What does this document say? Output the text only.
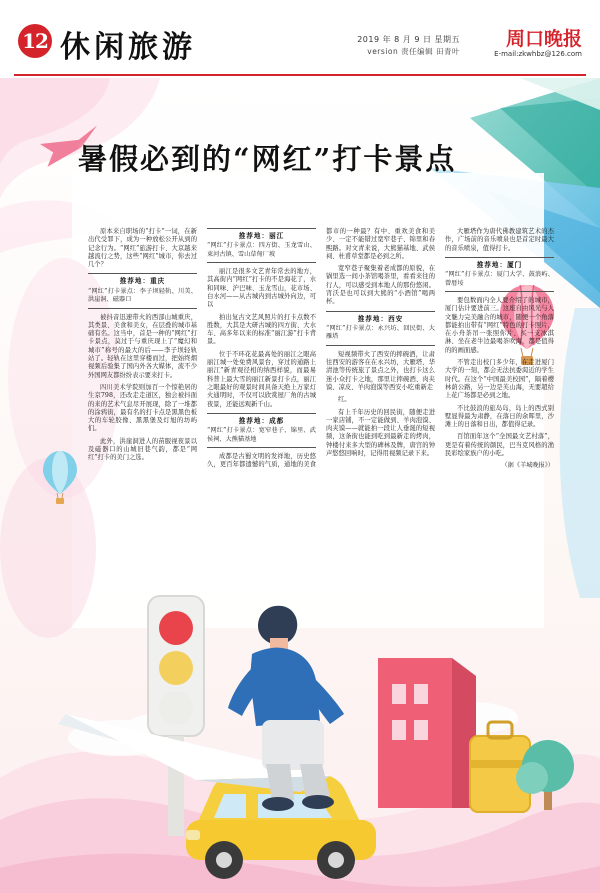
12 休闲旅游	2019 年 8 月 9 日 星期五
version 责任编辑 田青叶
周口晚报
E-mail:zkwhbz@126.com
暑假必到的“网红”打卡景点

原本来自职场的“打卡”一词，在新出代受罪下，成为一种放松公开从到的记念行为。“网红”旅游打卡、大京越来越流行之势，这些“网红”城市，你去过几个？

推荐地：重庆
“网红”打卡景点：李子坝轻轨、川美、洪崖洞、磁器口

被抖音迅速带火的西部山城重庆，其类景、美食和美女，在层叠的城市基础有名。这当中，首是一种的“网红”打卡景点，莫过于与重庆现上了“魔幻和城市”称号的最大的后——李子坝轻轨站了。轻轨在这里穿楼而过，把始终烟视频后验集了国内外各大媒体，流不少外国网友都纷纷表示要来打卡。

四川美术学院则加百一个惊艳居的生京798，还改走走道区，独会被抖面的来的艺术气息尽开展现，除了一堆都的涂鸦街，最有名的打卡点是黑黑色板大的车轮胶像、黑黑堡及灯旭的坊屿们。

此外，洪崖洞进人的苗服视夜景以及磁器口的山城旧巷气韵，都是“网红”打卡的美门之选。

推荐地：丽江
“网红”打卡景点：四方街、玉龙雪山、束河古镇、雪山草甸厂坡

丽江是很多文艺青年常去的地方，其高街内“网红”打卡的不是海花了，水和同味、沪巴味、玉龙雪山，花市场、白水河——从古城内到古城外向边，可以

拍出复古文艺风照片的打卡点数不胜数，大其是大研古城的四方街、大水车、高多年以来的标准“丽江游”打卡背景。

位于不环花花最高处的丽江之眼高丽江城一处免费风景台，穿过的通路上丽江”新青观径相的纳西样貌，而最易科普上最大雪的丽江新景打卡点，丽江之眼最好的观景时间具备天绝上万家灯火通明时，不仅可以欣赏屋厂角的古城夜景，还能远观新千山。

推荐地：成都
“网红”打卡景点：宽窄巷子、锦里、武侯祠、大熊猫基地

成都是古蜀文明的发祥地，历史悠久，更百年都遗憾的气质，通地的美食都市的一种最？有中、重欢美食和美少、一定不能错过宽窄巷子、锦里和春熙路。对文青来说，大熊猫基地、武侯祠、杜甫草堂都是必到之所。

宽窄巷子聚集着老成都的原貌，在锅里选一间小茶馆喝茶里，看看来往的行人，可以感受到本地人的那份悠闲。宵沃是也可以到大熊的“小酒馆”喝两杯。

推荐地：西安
“网红”打卡景点：永兴坊、回民街、大雁塔

短视频带火了西安的摔碗酒，让肃往西安的游客在在永兴坊，大雁塔、华清池等传统旅了景点之外，也打卡这么迷小众打卡之地，那里让摔碗酒、肉夹馍、凉皮、羊肉泡馍等西安小吃重新走

红。

有上千年历史的回民街，随便走进一家店铺，不一定能做到、羊肉泡馍、肉夹馍——就能拍一段让人垂涎的短视频，这条街也能到吃到最新走的烤肉，钟楼付来多大型的碑林及牌，唐宫的钟声悠悠回响时，记得用视频记录下来。

大雁塔作为唐代佛教建筑艺术的杰作，广场前的音乐喷泉也是首定时最大的音乐喷泉，值得打卡。

推荐地：厦门
“网红”打卡景点：厦门大学、鼓浪屿、曾厝垵

要包数面内全人要介绍了的城市，厦门估计要进前三。这座自由风光与人文魅力完美融合的城市，随便一个角落都能拍出带有“网红”特色的打卡照片，在小舟茶吊一张照你片、买一支冰淇淋、坐在老牛边最喝茶吹海，都是值得的的画面感。

不管走出校门多少年，在走进厦门大学的一刻，都会无法抗委渴近的学生时代。在这个“中国最美校园”，隔着樱林荫公路，另一边是芙山海，无要超给上花广场都是必到之地。

不比鼓浪的旅岛岛，岛上的西式别墅显得最为肃静，在落日的余晖里，沙滩上的日落和日出，都值得记录。

百馆面年这个“全国最文艺村落”，更是有着传统的颜民，巴当克风格的渔民彩绘家族户的小吃。

（据《羊城晚报》）
